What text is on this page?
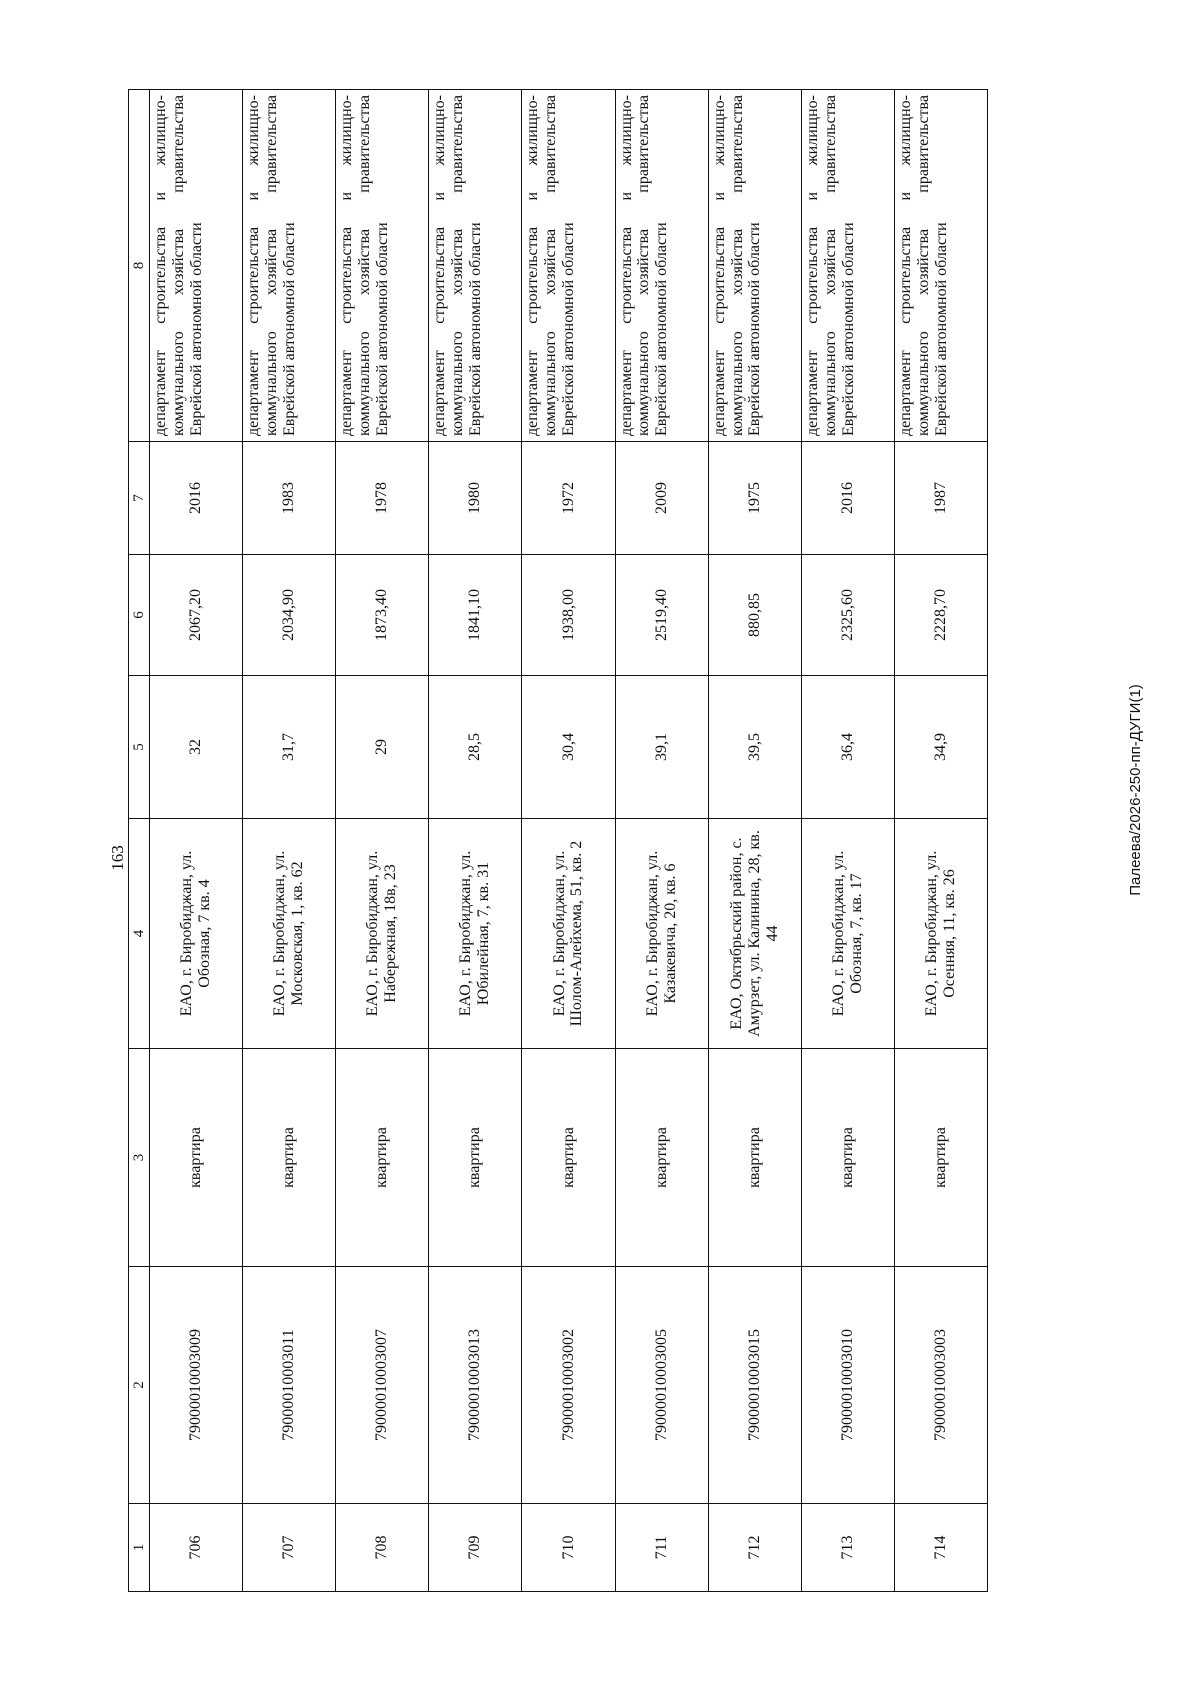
163
1	2	3	4	5	6	7	8
706	79000010003009	квартира	ЕАО, г. Биробиджан, ул. Обозная, 7 кв. 4	32	2067,20	2016	департамент строительства и жилищно-коммунального хозяйства правительства Еврейской автономной области
707	79000010003011	квартира	ЕАО, г. Биробиджан, ул. Московская, 1, кв. 62	31,7	2034,90	1983	департамент строительства и жилищно-коммунального хозяйства правительства Еврейской автономной области
708	79000010003007	квартира	ЕАО, г. Биробиджан, ул. Набережная, 18в, 23	29	1873,40	1978	департамент строительства и жилищно-коммунального хозяйства правительства Еврейской автономной области
709	79000010003013	квартира	ЕАО, г. Биробиджан, ул. Юбилейная, 7, кв. 31	28,5	1841,10	1980	департамент строительства и жилищно-коммунального хозяйства правительства Еврейской автономной области
710	79000010003002	квартира	ЕАО, г. Биробиджан, ул. Шолом-Алейхема, 51, кв. 2	30,4	1938,00	1972	департамент строительства и жилищно-коммунального хозяйства правительства Еврейской автономной области
711	79000010003005	квартира	ЕАО, г. Биробиджан, ул. Казакевича, 20, кв. 6	39,1	2519,40	2009	департамент строительства и жилищно-коммунального хозяйства правительства Еврейской автономной области
712	79000010003015	квартира	ЕАО, Октябрьский район, с. Амурзет, ул. Калинина, 28, кв. 44	39,5	880,85	1975	департамент строительства и жилищно-коммунального хозяйства правительства Еврейской автономной области
713	79000010003010	квартира	ЕАО, г. Биробиджан, ул. Обозная, 7, кв. 17	36,4	2325,60	2016	департамент строительства и жилищно-коммунального хозяйства правительства Еврейской автономной области
714	79000010003003	квартира	ЕАО, г. Биробиджан, ул. Осенняя, 11, кв. 26	34,9	2228,70	1987	департамент строительства и жилищно-коммунального хозяйства правительства Еврейской автономной области
Палеева/2026-250-пп-ДУГИ(1)
